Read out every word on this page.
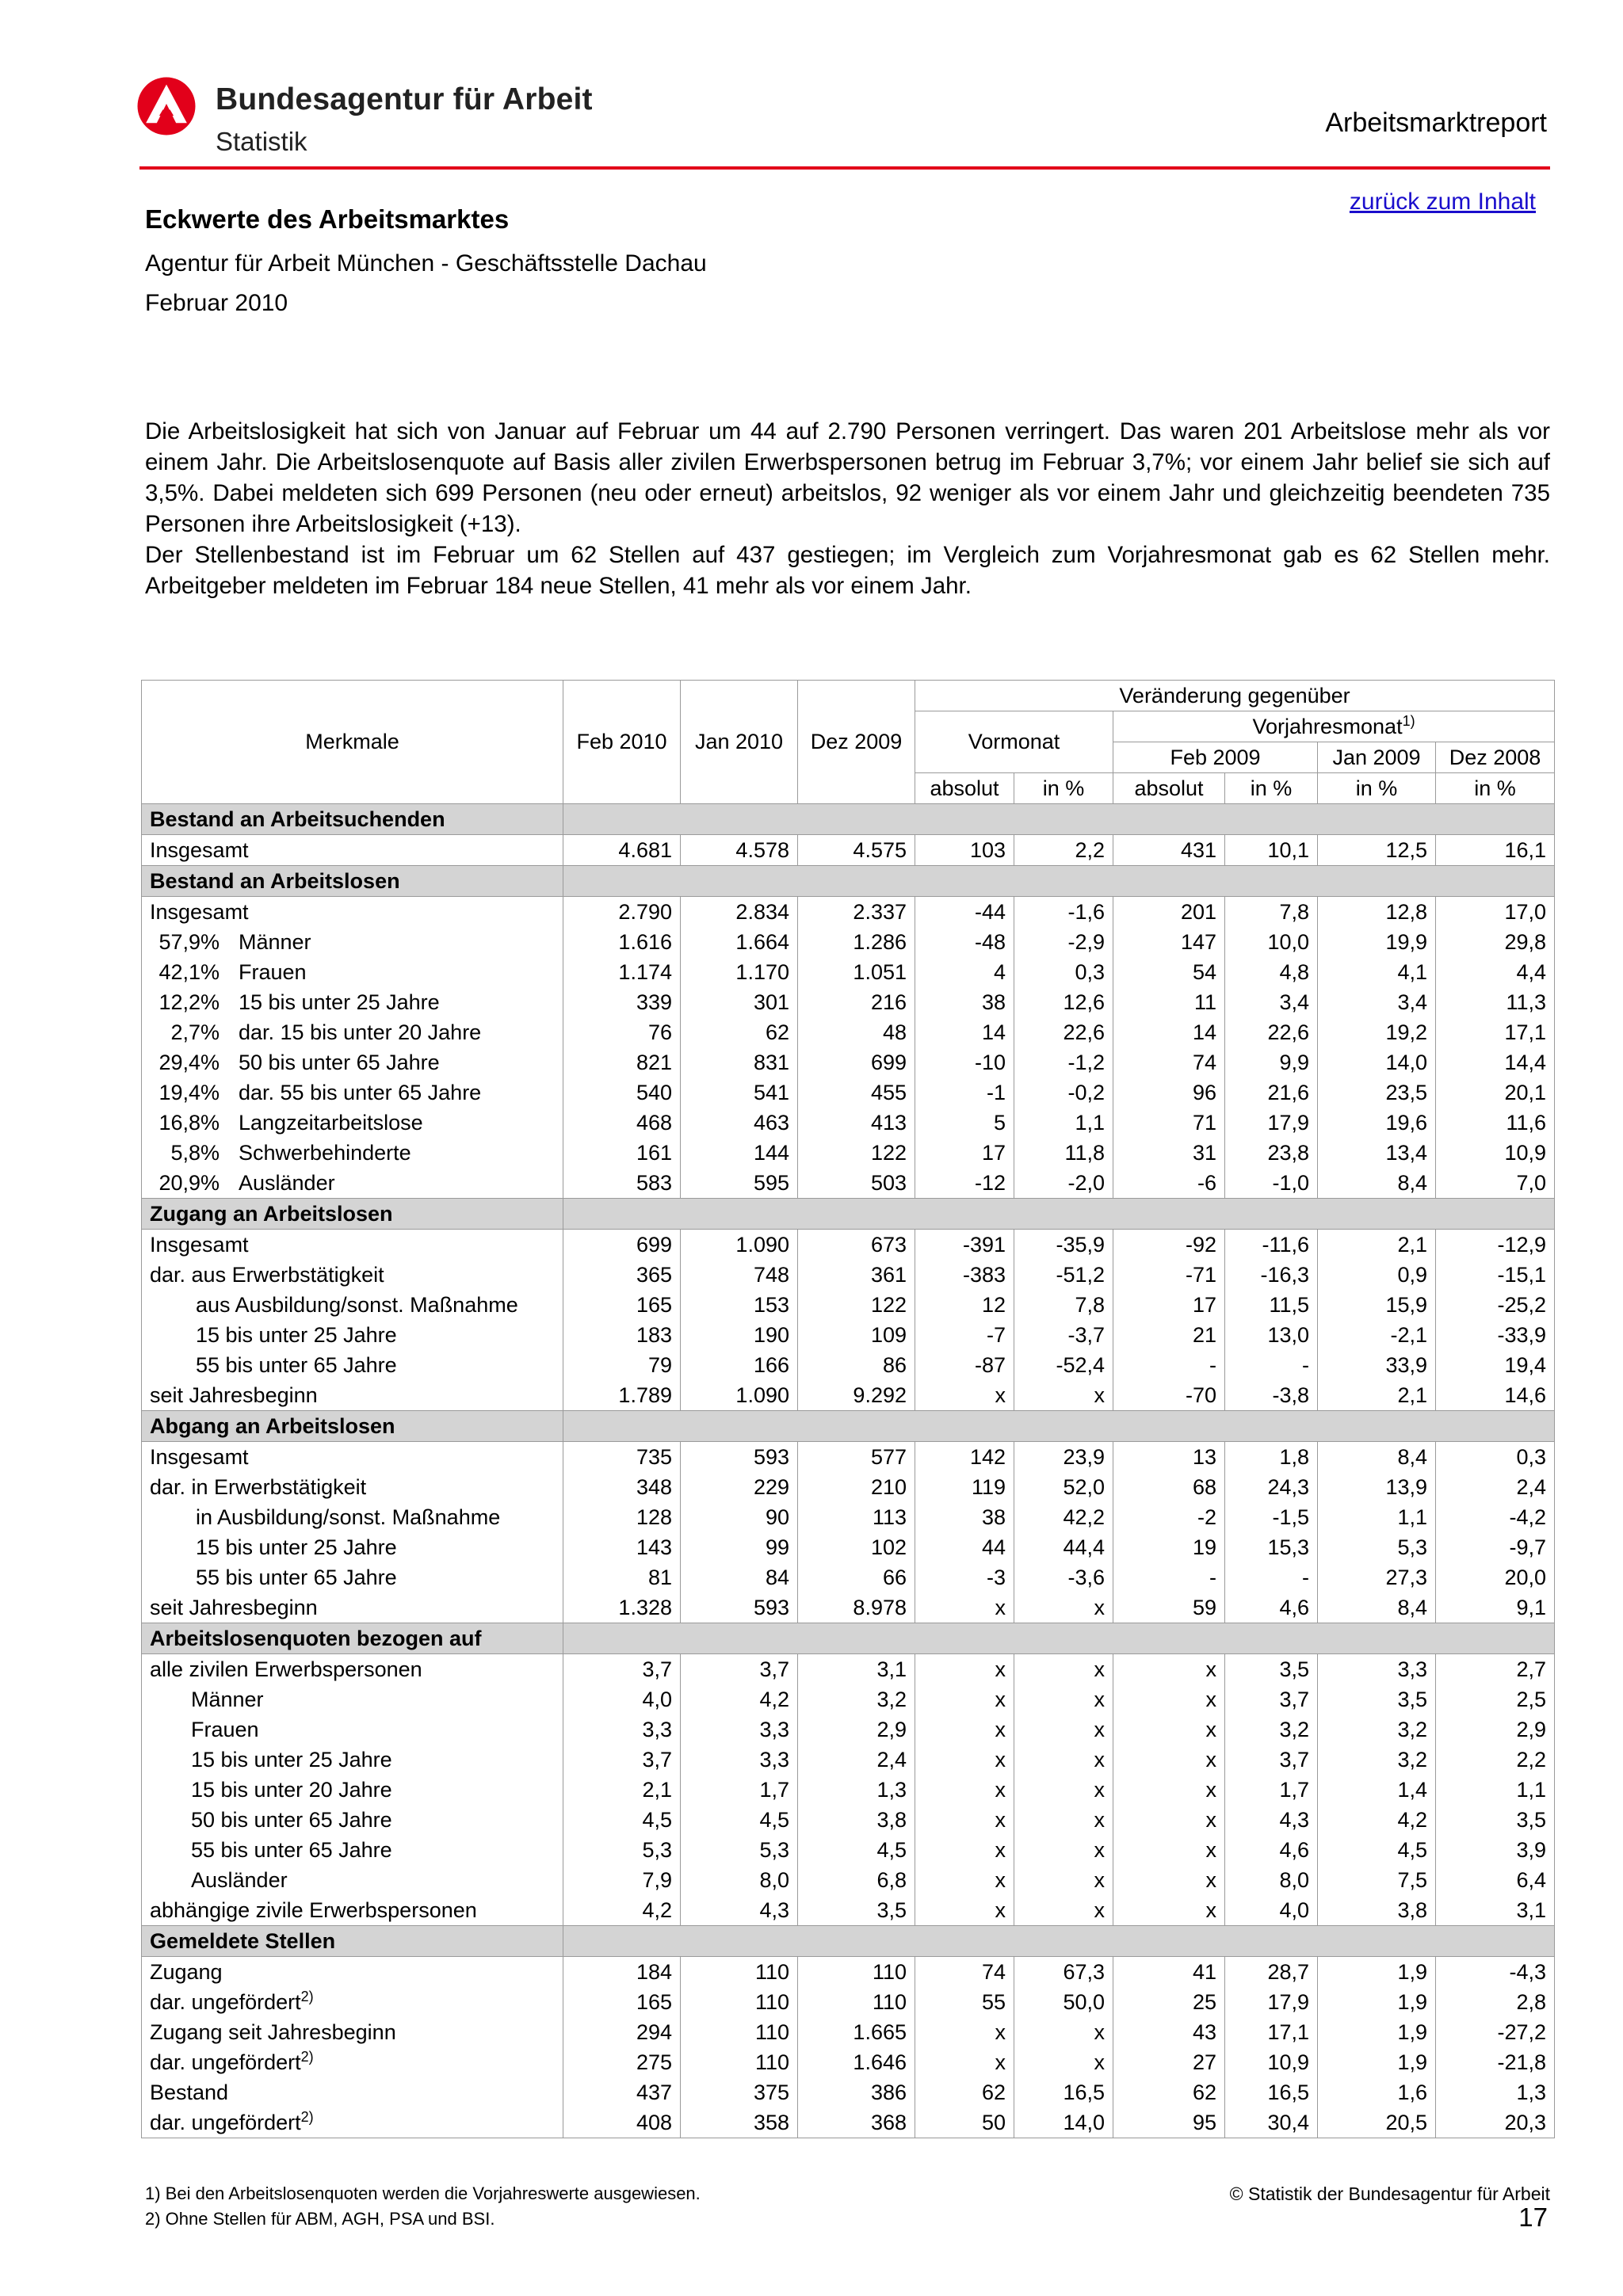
Bundesagentur für Arbeit
Statistik
Arbeitsmarktreport
zurück zum Inhalt
Eckwerte des Arbeitsmarktes
Agentur für Arbeit München - Geschäftsstelle Dachau
Februar 2010

Die Arbeitslosigkeit hat sich von Januar auf Februar um 44 auf 2.790 Personen verringert. Das waren 201 Arbeitslose mehr als vor einem Jahr. Die Arbeitslosenquote auf Basis aller zivilen Erwerbspersonen betrug im Februar 3,7%; vor einem Jahr belief sie sich auf 3,5%. Dabei meldeten sich 699 Personen (neu oder erneut) arbeitslos, 92 weniger als vor einem Jahr und gleichzeitig beendeten 735 Personen ihre Arbeitslosigkeit (+13).

Der Stellenbestand ist im Februar um 62 Stellen auf 437 gestiegen; im Vergleich zum Vorjahresmonat gab es 62 Stellen mehr. Arbeitgeber meldeten im Februar 184 neue Stellen, 41 mehr als vor einem Jahr.

Merkmale	Feb 2010	Jan 2010	Dez 2009	Veränderung gegenüber					
				Vormonat		Vorjahresmonat$^{1)}$
						Feb 2009		Jan 2009	Dez 2008
				absolut	in %	absolut	in %	in %	in %
Bestand an Arbeitsuchenden									
Insgesamt	4.681	4.578	4.575	103	2,2	431	10,1	12,5	16,1
Bestand an Arbeitslosen									
Insgesamt	2.790	2.834	2.337	-44	-1,6	201	7,8	12,8	17,0
57,9% Männer	1.616	1.664	1.286	-48	-2,9	147	10,0	19,9	29,8
42,1% Frauen	1.174	1.170	1.051	4	0,3	54	4,8	4,1	4,4
12,2% 15 bis unter 25 Jahre	339	301	216	38	12,6	11	3,4	3,4	11,3
2,7% dar. 15 bis unter 20 Jahre	76	62	48	14	22,6	14	22,6	19,2	17,1
29,4% 50 bis unter 65 Jahre	821	831	699	-10	-1,2	74	9,9	14,0	14,4
19,4% dar. 55 bis unter 65 Jahre	540	541	455	-1	-0,2	96	21,6	23,5	20,1
16,8% Langzeitarbeitslose	468	463	413	5	1,1	71	17,9	19,6	11,6
5,8% Schwerbehinderte	161	144	122	17	11,8	31	23,8	13,4	10,9
20,9% Ausländer	583	595	503	-12	-2,0	-6	-1,0	8,4	7,0
Zugang an Arbeitslosen									
Insgesamt	699	1.090	673	-391	-35,9	-92	-11,6	2,1	-12,9
dar. aus Erwerbstätigkeit	365	748	361	-383	-51,2	-71	-16,3	0,9	-15,1
aus Ausbildung/sonst. Maßnahme	165	153	122	12	7,8	17	11,5	15,9	-25,2
15 bis unter 25 Jahre	183	190	109	-7	-3,7	21	13,0	-2,1	-33,9
55 bis unter 65 Jahre	79	166	86	-87	-52,4	-	-	33,9	19,4
seit Jahresbeginn	1.789	1.090	9.292	x	x	-70	-3,8	2,1	14,6
Abgang an Arbeitslosen									
Insgesamt	735	593	577	142	23,9	13	1,8	8,4	0,3
dar. in Erwerbstätigkeit	348	229	210	119	52,0	68	24,3	13,9	2,4
in Ausbildung/sonst. Maßnahme	128	90	113	38	42,2	-2	-1,5	1,1	-4,2
15 bis unter 25 Jahre	143	99	102	44	44,4	19	15,3	5,3	-9,7
55 bis unter 65 Jahre	81	84	66	-3	-3,6	-	-	27,3	20,0
seit Jahresbeginn	1.328	593	8.978	x	x	59	4,6	8,4	9,1
Arbeitslosenquoten bezogen auf									
alle zivilen Erwerbspersonen	3,7	3,7	3,1	x	x	x	3,5	3,3	2,7
Männer	4,0	4,2	3,2	x	x	x	3,7	3,5	2,5
Frauen	3,3	3,3	2,9	x	x	x	3,2	3,2	2,9
15 bis unter 25 Jahre	3,7	3,3	2,4	x	x	x	3,7	3,2	2,2
15 bis unter 20 Jahre	2,1	1,7	1,3	x	x	x	1,7	1,4	1,1
50 bis unter 65 Jahre	4,5	4,5	3,8	x	x	x	4,3	4,2	3,5
55 bis unter 65 Jahre	5,3	5,3	4,5	x	x	x	4,6	4,5	3,9
Ausländer	7,9	8,0	6,8	x	x	x	8,0	7,5	6,4
abhängige zivile Erwerbspersonen	4,2	4,3	3,5	x	x	x	4,0	3,8	3,1
Gemeldete Stellen									
Zugang	184	110	110	74	67,3	41	28,7	1,9	-4,3
dar. ungefördert$^{2)}$	165	110	110	55	50,0	25	17,9	1,9	2,8
Zugang seit Jahresbeginn	294	110	1.665	x	x	43	17,1	1,9	-27,2
dar. ungefördert$^{2)}$	275	110	1.646	x	x	27	10,9	1,9	-21,8
Bestand	437	375	386	62	16,5	62	16,5	1,6	1,3
dar. ungefördert$^{2)}$	408	358	368	50	14,0	95	30,4	20,5	20,3
1) Bei den Arbeitslosenquoten werden die Vorjahreswerte ausgewiesen.
2) Ohne Stellen für ABM, AGH, PSA und BSI.
© Statistik der Bundesagentur für Arbeit
17
